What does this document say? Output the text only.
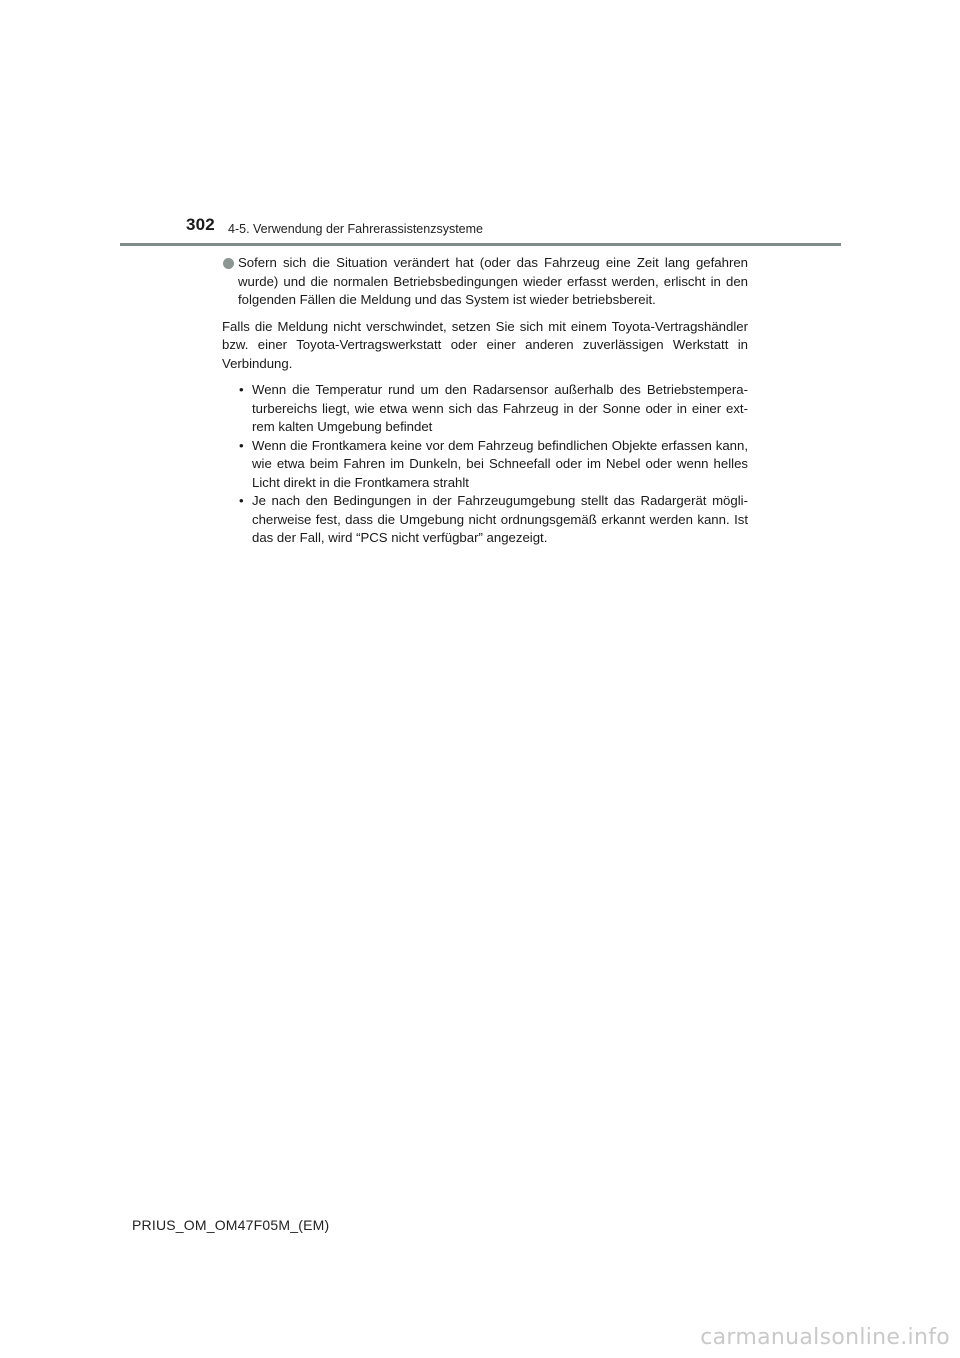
302 4-5. Verwendung der Fahrerassistenzsysteme

Sofern sich die Situation verändert hat (oder das Fahrzeug eine Zeit lang gefahren wurde) und die normalen Betriebsbedingungen wieder erfasst werden, erlischt in den folgenden Fällen die Meldung und das System ist wieder betriebsbereit.

Falls die Meldung nicht verschwindet, setzen Sie sich mit einem Toyota-Vertragshändler bzw. einer Toyota-Vertragswerkstatt oder einer anderen zuverlässigen Werkstatt in Verbindung.

• Wenn die Temperatur rund um den Radarsensor außerhalb des Betriebstemperaturbereichs liegt, wie etwa wenn sich das Fahrzeug in der Sonne oder in einer extrem kalten Umgebung befindet
• Wenn die Frontkamera keine vor dem Fahrzeug befindlichen Objekte erfassen kann, wie etwa beim Fahren im Dunkeln, bei Schneefall oder im Nebel oder wenn helles Licht direkt in die Frontkamera strahlt
• Je nach den Bedingungen in der Fahrzeugumgebung stellt das Radargerät möglicherweise fest, dass die Umgebung nicht ordnungsgemäß erkannt werden kann. Ist das der Fall, wird “PCS nicht verfügbar” angezeigt.
PRIUS_OM_OM47F05M_(EM)
carmanualsonline.info
